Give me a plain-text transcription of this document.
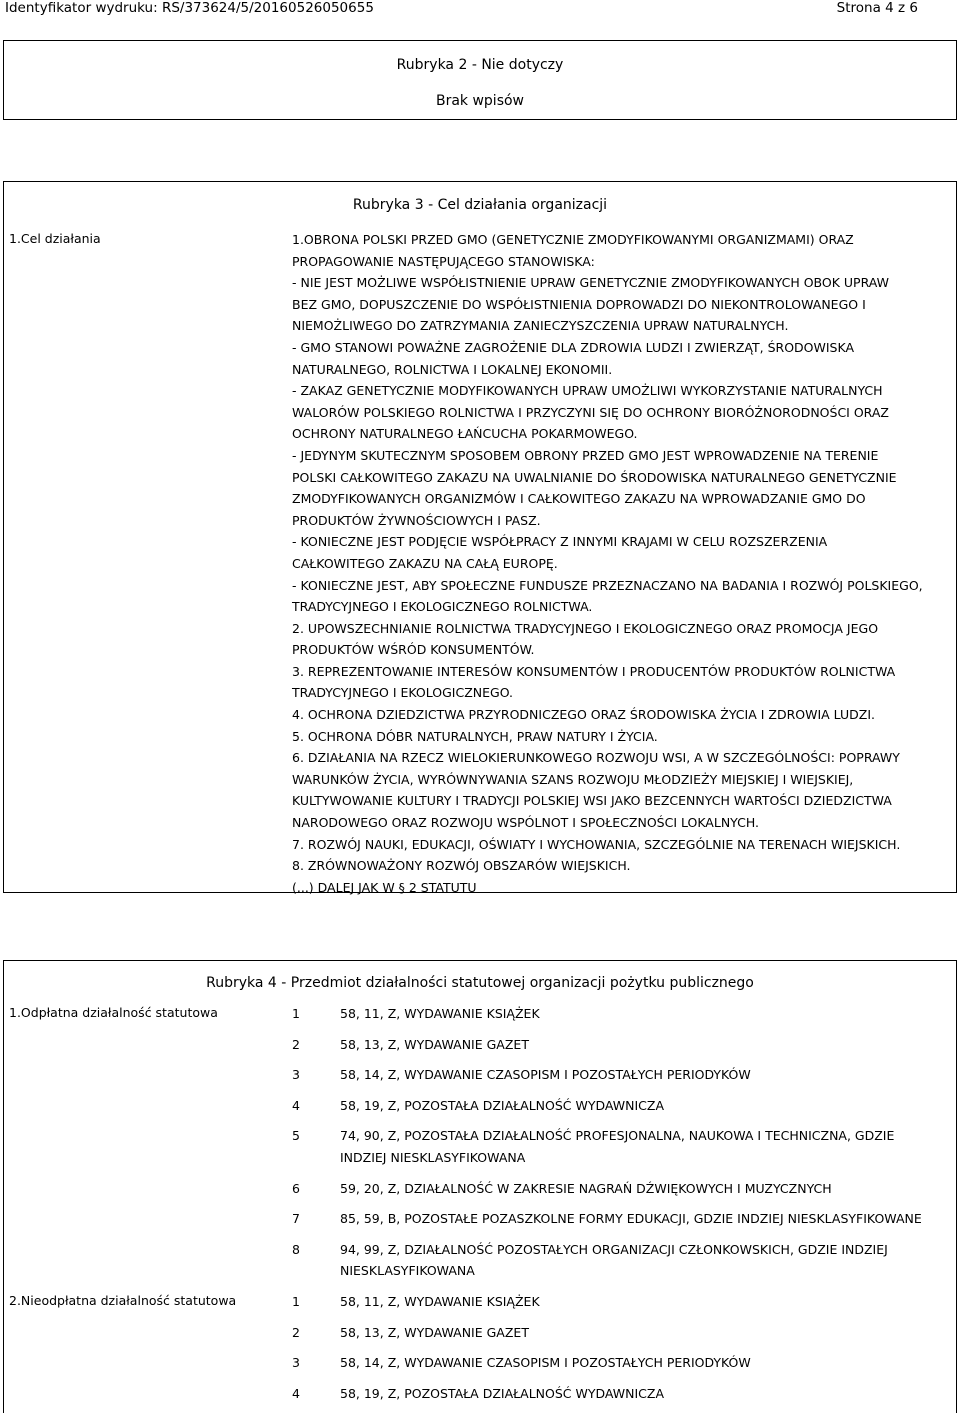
Identyfikator wydruku: RS/373624/5/20160526050655	Strona 4 z 6
Rubryka 2 - Nie dotyczy
Brak wpisów
Rubryka 3 - Cel działania organizacji
1.Cel działania	1.OBRONA POLSKI PRZED GMO (GENETYCZNIE ZMODYFIKOWANYMI ORGANIZMAMI) ORAZ
PROPAGOWANIE NASTĘPUJĄCEGO STANOWISKA:
- NIE JEST MOŻLIWE WSPÓŁISTNIENIE UPRAW GENETYCZNIE ZMODYFIKOWANYCH OBOK UPRAW
BEZ GMO, DOPUSZCZENIE DO WSPÓŁISTNIENIA DOPROWADZI DO NIEKONTROLOWANEGO I
NIEMOŻLIWEGO DO ZATRZYMANIA ZANIECZYSZCZENIA UPRAW NATURALNYCH.
- GMO STANOWI POWAŻNE ZAGROŻENIE DLA ZDROWIA LUDZI I ZWIERZĄT, ŚRODOWISKA
NATURALNEGO, ROLNICTWA I LOKALNEJ EKONOMII.
- ZAKAZ GENETYCZNIE MODYFIKOWANYCH UPRAW UMOŻLIWI WYKORZYSTANIE NATURALNYCH
WALORÓW POLSKIEGO ROLNICTWA I PRZYCZYNI SIĘ DO OCHRONY BIORÓŻNORODNOŚCI ORAZ
OCHRONY NATURALNEGO ŁAŃCUCHA POKARMOWEGO.
- JEDYNYM SKUTECZNYM SPOSOBEM OBRONY PRZED GMO JEST WPROWADZENIE NA TERENIE
POLSKI CAŁKOWITEGO ZAKAZU NA UWALNIANIE DO ŚRODOWISKA NATURALNEGO GENETYCZNIE
ZMODYFIKOWANYCH ORGANIZMÓW I CAŁKOWITEGO ZAKAZU NA WPROWADZANIE GMO DO
PRODUKTÓW ŻYWNOŚCIOWYCH I PASZ.
- KONIECZNE JEST PODJĘCIE WSPÓŁPRACY Z INNYMI KRAJAMI W CELU ROZSZERZENIA
CAŁKOWITEGO ZAKAZU NA CAŁĄ EUROPĘ.
- KONIECZNE JEST, ABY SPOŁECZNE FUNDUSZE PRZEZNACZANO NA BADANIA I ROZWÓJ POLSKIEGO,
TRADYCYJNEGO I EKOLOGICZNEGO ROLNICTWA.
2. UPOWSZECHNIANIE ROLNICTWA TRADYCYJNEGO I EKOLOGICZNEGO ORAZ PROMOCJA JEGO
PRODUKTÓW WŚRÓD KONSUMENTÓW.
3. REPREZENTOWANIE INTERESÓW KONSUMENTÓW I PRODUCENTÓW PRODUKTÓW ROLNICTWA
TRADYCYJNEGO I EKOLOGICZNEGO.
4. OCHRONA DZIEDZICTWA PRZYRODNICZEGO ORAZ ŚRODOWISKA ŻYCIA I ZDROWIA LUDZI.
5. OCHRONA DÓBR NATURALNYCH, PRAW NATURY I ŻYCIA.
6. DZIAŁANIA NA RZECZ WIELOKIERUNKOWEGO ROZWOJU WSI, A W SZCZEGÓLNOŚCI: POPRAWY
WARUNKÓW ŻYCIA, WYRÓWNYWANIA SZANS ROZWOJU MŁODZIEŻY MIEJSKIEJ I WIEJSKIEJ,
KULTYWOWANIE KULTURY I TRADYCJI POLSKIEJ WSI JAKO BEZCENNYCH WARTOŚCI DZIEDZICTWA
NARODOWEGO ORAZ ROZWOJU WSPÓLNOT I SPOŁECZNOŚCI LOKALNYCH.
7. ROZWÓJ NAUKI, EDUKACJI, OŚWIATY I WYCHOWANIA, SZCZEGÓLNIE NA TERENACH WIEJSKICH.
8. ZRÓWNOWAŻONY ROZWÓJ OBSZARÓW WIEJSKICH.
(...) DALEJ JAK W § 2 STATUTU
Rubryka 4 - Przedmiot działalności statutowej organizacji pożytku publicznego
1.Odpłatna działalność statutowa	1	58, 11, Z, WYDAWANIE KSIĄŻEK
2	58, 13, Z, WYDAWANIE GAZET
3	58, 14, Z, WYDAWANIE CZASOPISM I POZOSTAŁYCH PERIODYKÓW
4	58, 19, Z, POZOSTAŁA DZIAŁALNOŚĆ WYDAWNICZA
5	74, 90, Z, POZOSTAŁA DZIAŁALNOŚĆ PROFESJONALNA, NAUKOWA I TECHNICZNA, GDZIE
INDZIEJ NIESKLASYFIKOWANA
6	59, 20, Z, DZIAŁALNOŚĆ W ZAKRESIE NAGRAŃ DŹWIĘKOWYCH I MUZYCZNYCH
7	85, 59, B, POZOSTAŁE POZASZKOLNE FORMY EDUKACJI, GDZIE INDZIEJ NIESKLASYFIKOWANE
8	94, 99, Z, DZIAŁALNOŚĆ POZOSTAŁYCH ORGANIZACJI CZŁONKOWSKICH, GDZIE INDZIEJ
NIESKLASYFIKOWANA
2.Nieodpłatna działalność statutowa	1	58, 11, Z, WYDAWANIE KSIĄŻEK
2	58, 13, Z, WYDAWANIE GAZET
3	58, 14, Z, WYDAWANIE CZASOPISM I POZOSTAŁYCH PERIODYKÓW
4	58, 19, Z, POZOSTAŁA DZIAŁALNOŚĆ WYDAWNICZA
